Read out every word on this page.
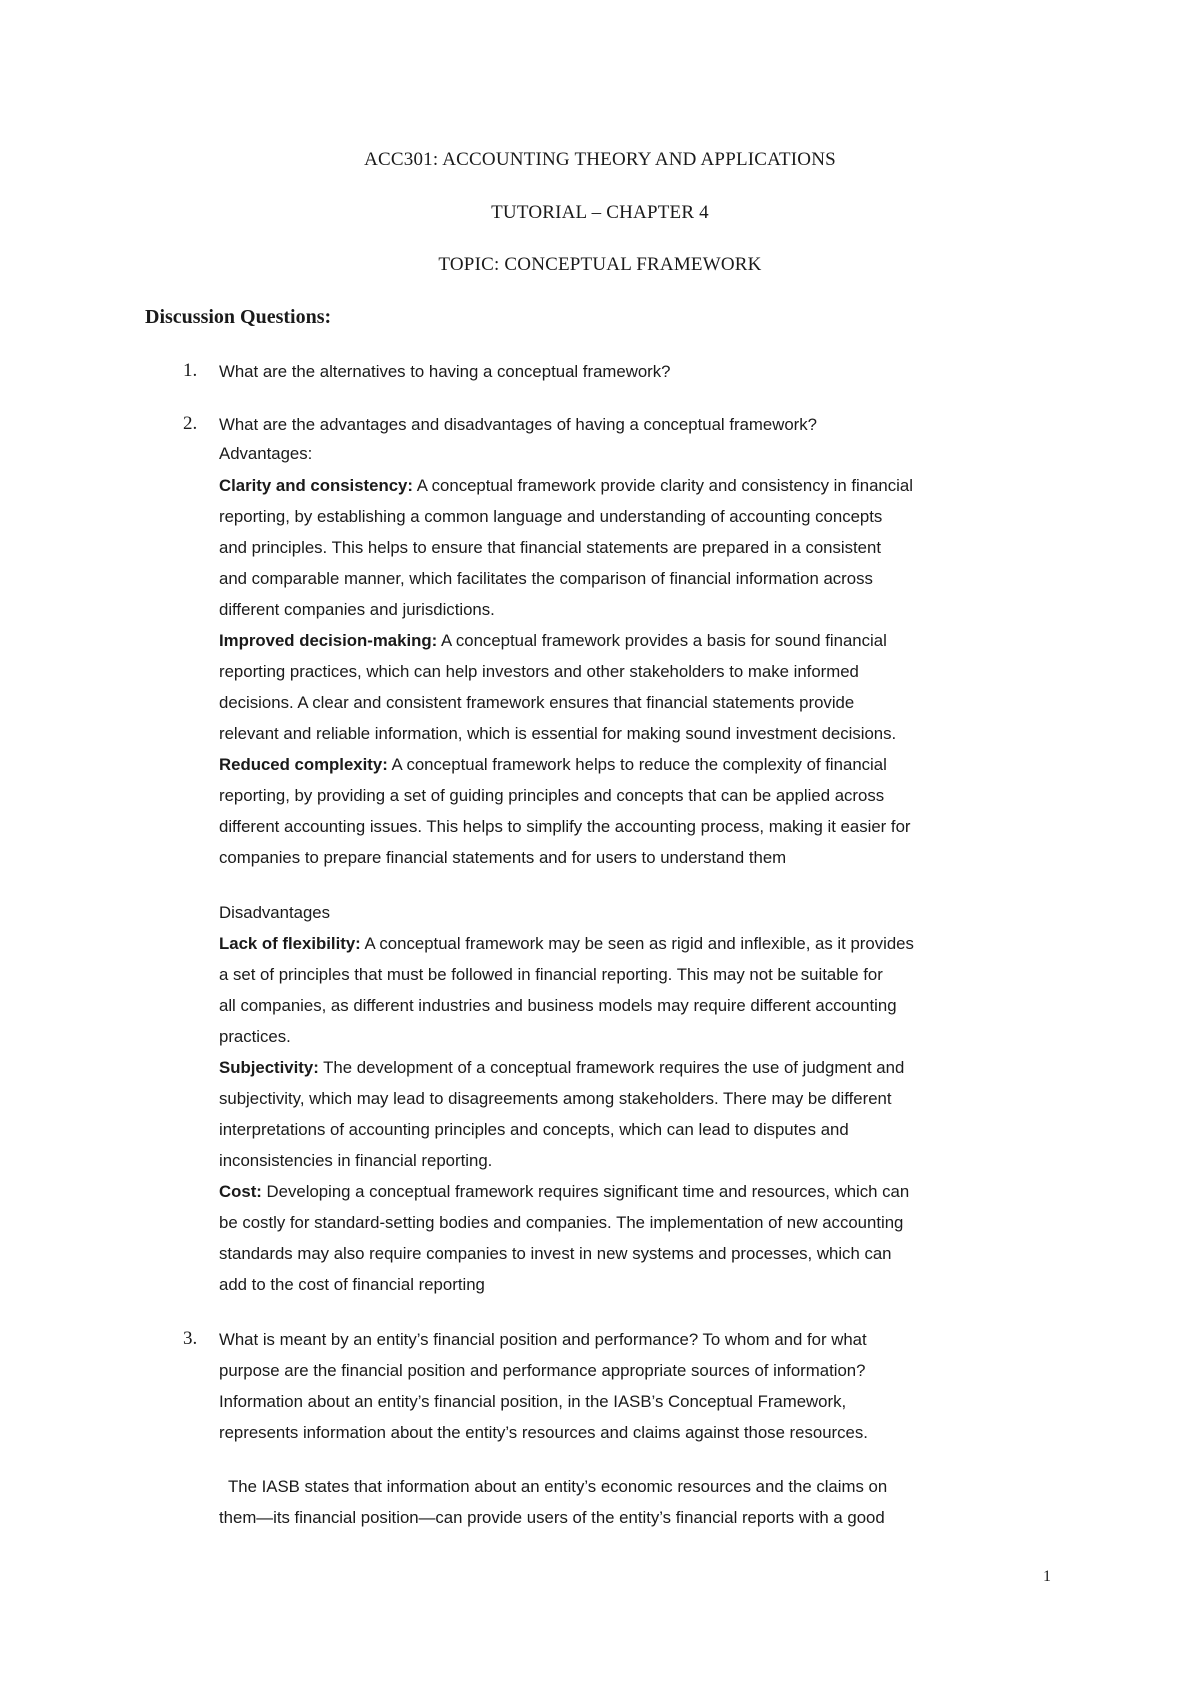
ACC301: ACCOUNTING THEORY AND APPLICATIONS
TUTORIAL – CHAPTER 4
TOPIC: CONCEPTUAL FRAMEWORK
Discussion Questions:
1. What are the alternatives to having a conceptual framework?
2. What are the advantages and disadvantages of having a conceptual framework?
Advantages:
Clarity and consistency: A conceptual framework provide clarity and consistency in financial
reporting, by establishing a common language and understanding of accounting concepts
and principles. This helps to ensure that financial statements are prepared in a consistent
and comparable manner, which facilitates the comparison of financial information across
different companies and jurisdictions.
Improved decision-making: A conceptual framework provides a basis for sound financial
reporting practices, which can help investors and other stakeholders to make informed
decisions. A clear and consistent framework ensures that financial statements provide
relevant and reliable information, which is essential for making sound investment decisions.
Reduced complexity: A conceptual framework helps to reduce the complexity of financial
reporting, by providing a set of guiding principles and concepts that can be applied across
different accounting issues. This helps to simplify the accounting process, making it easier for
companies to prepare financial statements and for users to understand them
Disadvantages
Lack of flexibility: A conceptual framework may be seen as rigid and inflexible, as it provides
a set of principles that must be followed in financial reporting. This may not be suitable for
all companies, as different industries and business models may require different accounting
practices.
Subjectivity: The development of a conceptual framework requires the use of judgment and
subjectivity, which may lead to disagreements among stakeholders. There may be different
interpretations of accounting principles and concepts, which can lead to disputes and
inconsistencies in financial reporting.
Cost: Developing a conceptual framework requires significant time and resources, which can
be costly for standard-setting bodies and companies. The implementation of new accounting
standards may also require companies to invest in new systems and processes, which can
add to the cost of financial reporting
3. What is meant by an entity’s financial position and performance? To whom and for what
purpose are the financial position and performance appropriate sources of information?
Information about an entity’s financial position, in the IASB’s Conceptual Framework,
represents information about the entity’s resources and claims against those resources.
The IASB states that information about an entity’s economic resources and the claims on
them—its financial position—can provide users of the entity’s financial reports with a good
1
